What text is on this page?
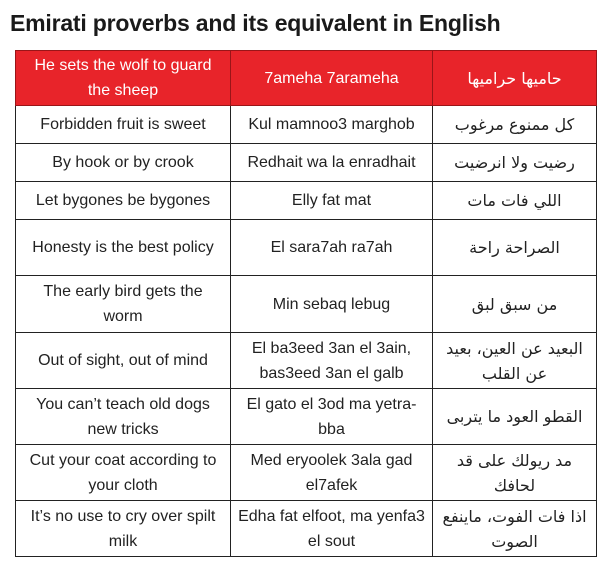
Emirati proverbs and its equivalent in English
He sets the wolf to guard the sheep	7ameha 7arameha	حاميها حراميها
Forbidden fruit is sweet	Kul mamnoo3 marghob	كل ممنوع مرغوب
By hook or by crook	Redhait wa la enradhait	رضيت ولا انرضيت
Let bygones be bygones	Elly fat mat	اللي فات مات
Honesty is the best policy	El sara7ah ra7ah	الصراحة راحة
The early bird gets the worm	Min sebaq lebug	من سبق لبق
Out of sight, out of mind	El ba3eed 3an el 3ain, bas3eed 3an el galb	البعيد عن العين، بعيد عن القلب
You can’t teach old dogs new tricks	El gato el 3od ma yetra-bba	القطو العود ما يتربى
Cut your coat according to your cloth	Med eryoolek 3ala gad el7afek	مد ريولك على قد لحافك
It’s no use to cry over spilt milk	Edha fat elfoot, ma yenfa3 el sout	اذا فات الفوت، ماينفع الصوت
